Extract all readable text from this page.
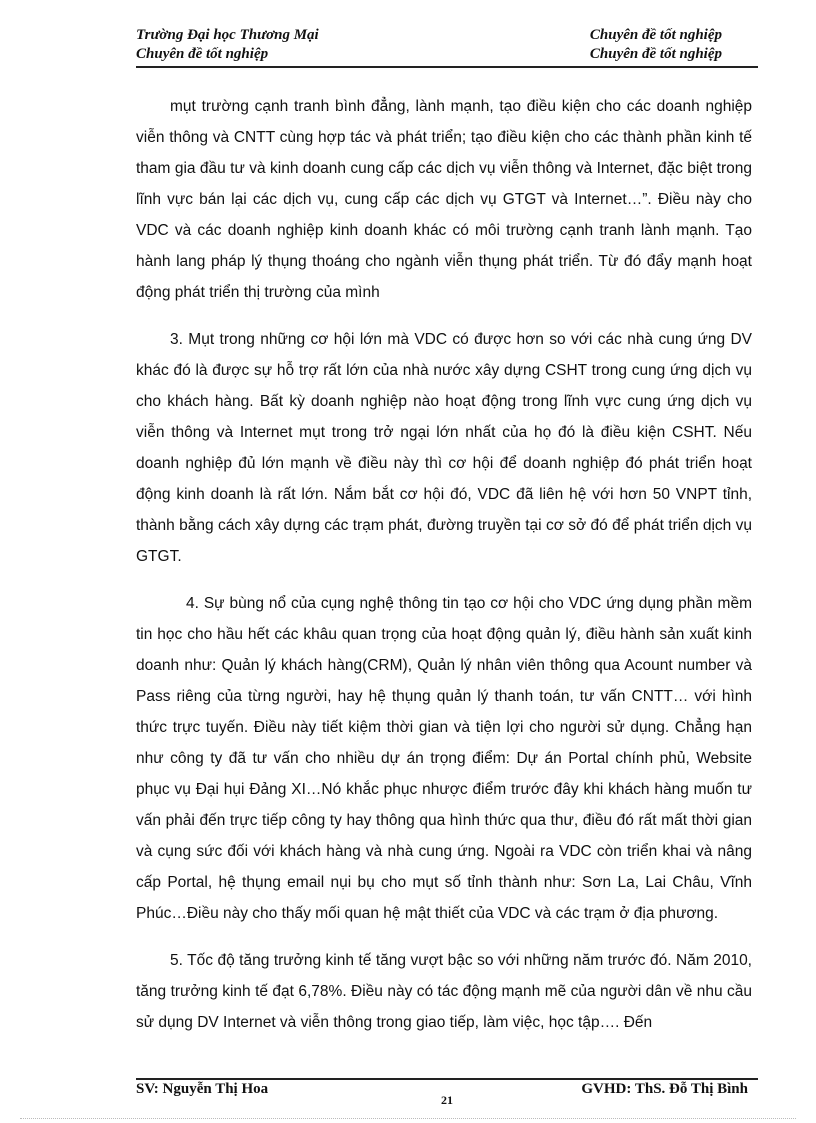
Trường Đại học Thương Mại
Chuyên đề tốt nghiệp
Chuyên đề tốt nghiệp
Chuyên đề tốt nghiệp

mụt trường cạnh tranh bình đẳng, lành mạnh, tạo điều kiện cho các doanh nghiệp viễn thông và CNTT cùng hợp tác và phát triển; tạo điều kiện cho các thành phần kinh tế tham gia đầu tư và kinh doanh cung cấp các dịch vụ viễn thông và Internet, đặc biệt trong lĩnh vực bán lại các dịch vụ, cung cấp các dịch vụ GTGT và Internet…”. Điều này cho VDC và các doanh nghiệp kinh doanh khác có môi trường cạnh tranh lành mạnh. Tạo hành lang pháp lý thụng thoáng cho ngành viễn thụng phát triển. Từ đó đẩy mạnh hoạt động phát triển thị trường của mình

3. Mụt trong những cơ hội lớn mà VDC có được hơn so với các nhà cung ứng DV khác đó là được sự hỗ trợ rất lớn của nhà nước xây dựng CSHT trong cung ứng dịch vụ cho khách hàng. Bất kỳ doanh nghiệp nào hoạt động trong lĩnh vực cung ứng dịch vụ viễn thông và Internet mụt trong trở ngại lớn nhất của họ đó là điều kiện CSHT. Nếu doanh nghiệp đủ lớn mạnh về điều này thì cơ hội để doanh nghiệp đó phát triển hoạt động kinh doanh là rất lớn. Nắm bắt cơ hội đó, VDC đã liên hệ với hơn 50 VNPT tỉnh, thành bằng cách xây dựng các trạm phát, đường truyền tại cơ sở đó để phát triển dịch vụ GTGT.

4. Sự bùng nổ của cụng nghệ thông tin tạo cơ hội cho VDC ứng dụng phần mềm tin học cho hầu hết các khâu quan trọng của hoạt động quản lý, điều hành sản xuất kinh doanh như: Quản lý khách hàng(CRM), Quản lý nhân viên thông qua Acount number và Pass riêng của từng người, hay hệ thụng quản lý thanh toán, tư vấn CNTT… với hình thức trực tuyến. Điều này tiết kiệm thời gian và tiện lợi cho người sử dụng. Chẳng hạn như công ty đã tư vấn cho nhiều dự án trọng điểm: Dự án Portal chính phủ, Website phục vụ Đại hụi Đảng XI…Nó khắc phục nhược điểm trước đây khi khách hàng muốn tư vấn phải đến trực tiếp công ty hay thông qua hình thức qua thư, điều đó rất mất thời gian và cụng sức đối với khách hàng và nhà cung ứng. Ngoài ra VDC còn triển khai và nâng cấp Portal, hệ thụng email nụi bụ cho mụt số tỉnh thành như: Sơn La, Lai Châu, Vĩnh Phúc…Điều này cho thấy mối quan hệ mật thiết của VDC và các trạm ở địa phương.

5. Tốc độ tăng trưởng kinh tế tăng vượt bậc so với những năm trước đó. Năm 2010, tăng trưởng kinh tế đạt 6,78%. Điều này có tác động mạnh mẽ của người dân về nhu cầu sử dụng DV Internet và viễn thông trong giao tiếp, làm việc, học tập…. Đến

SV: Nguyễn Thị Hoa
21
GVHD: ThS. Đỗ Thị Bình
